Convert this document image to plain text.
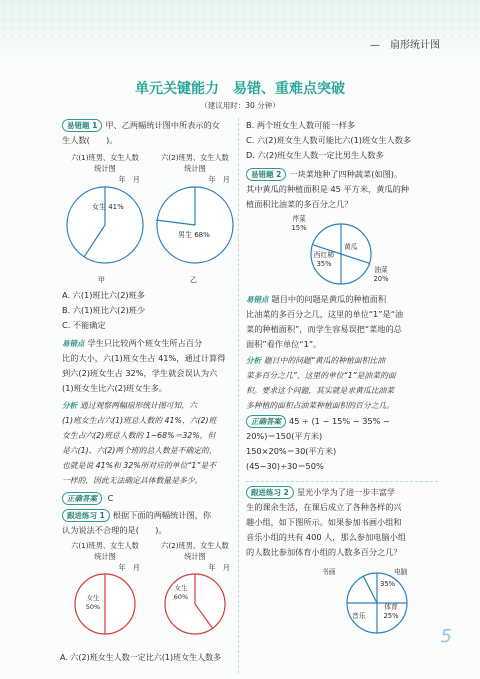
— 扇形统计图
单元关键能力　易错、重难点突破
（建议用时：30 分钟）
易错题 1 甲、乙两幅统计图中所表示的女
生人数(　　)。
六(1)班男、女生人数
统计图
年　月
女生 41%
甲
六(2)班男、女生人数
统计图
年　月
男生 68%
乙
A. 六(1)班比六(2)班多
B. 六(1)班比六(2)班少
C. 不能确定
易错点 学生只比较两个班女生所占百分
比的大小，六(1)班女生占 41%，通过计算得
到六(2)班女生占 32%，学生就会误认为六
(1)班女生比六(2)班女生多。
分析 通过观察两幅扇形统计图可知，六
(1)班女生占六(1)班总人数的 41%，六(2)班
女生占六(2)班总人数的 1−68%＝32%，但
是六(1)、六(2)两个班的总人数是不确定的，
也就是说 41%和 32%所对应的单位“1”是不
一样的，因此无法确定具体数量是多少。
正确答案 C
跟进练习 1 根据下面的两幅统计图，你
认为说法不合理的是(　　)。
六(1)班男、女生人数
统计图
年　月
女生
50%
六(2)班男、女生人数
统计图
年　月
女生
60%
A. 六(2)班女生人数一定比六(1)班女生人数多
B. 两个班女生人数可能一样多
C. 六(2)班女生人数可能比六(1)班女生人数多
D. 六(2)班女生人数一定比男生人数多
易错题 2 一块菜地种了四种蔬菜(如图)。
其中黄瓜的种植面积是 45 平方米，黄瓜的种
植面积比油菜的多百分之几？
芹菜
15%
黄瓜
西红柿
35%
油菜
20%
易错点 题目中的问题是黄瓜的种植面积
比油菜的多百分之几，这里的单位“1”是“油
菜的种植面积”，而学生容易误把“菜地的总
面积”看作单位“1”。
分析 题目中的问题“黄瓜的种植面积比油
菜多百分之几”，这里的单位“1”是油菜的面
积。要求这个问题，其实就是求黄瓜比油菜
多种植的面积占油菜种植面积的百分之几。
正确答案 45 ÷ (1 − 15% − 35% −
20%)＝150(平方米)
150×20%＝30(平方米)
(45−30)÷30＝50%
跟进练习 2 星光小学为了进一步丰富学
生的课余生活，在课后成立了各种各样的兴
趣小组，如下图所示。如果参加书画小组和
音乐小组的共有 400 人，那么参加电脑小组
的人数比参加体育小组的人数多百分之几？
书画	电脑
35%
音乐
体育
25%
5
